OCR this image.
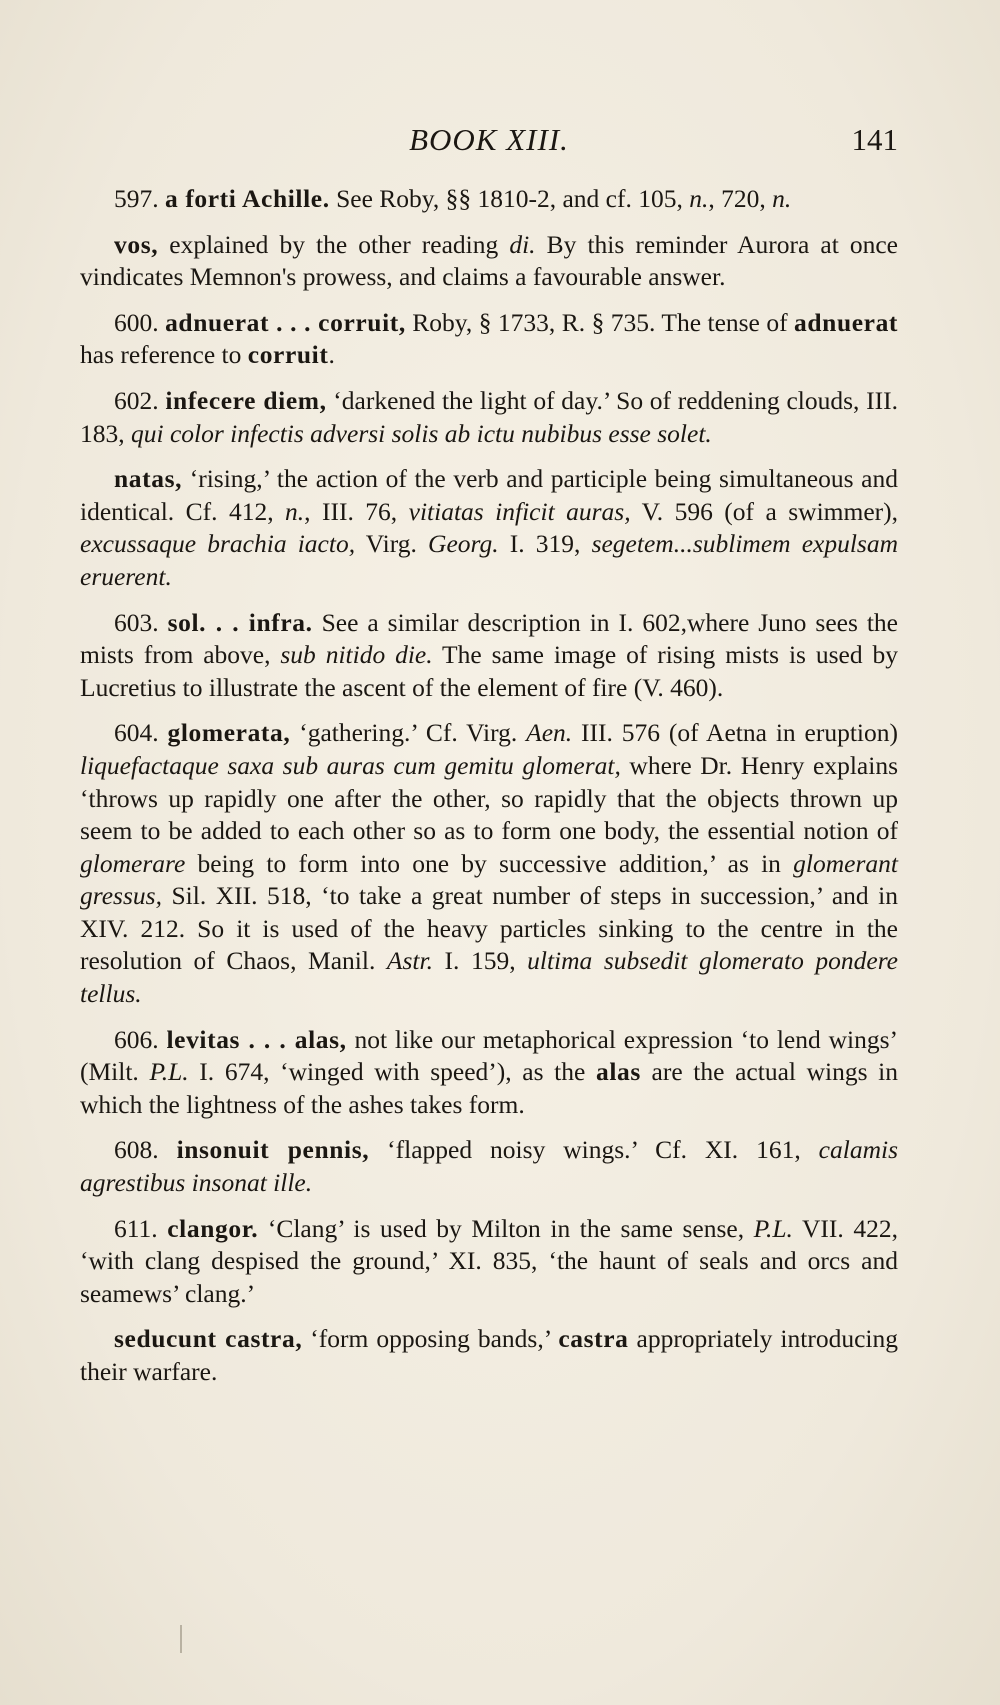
BOOK XIII.	141

597. a forti Achille. See Roby, §§ 1810-2, and cf. 105, n., 720, n.

vos, explained by the other reading di. By this reminder Aurora at once vindicates Memnon's prowess, and claims a favourable answer.

600. adnuerat . . . corruit, Roby, § 1733, R. § 735. The tense of adnuerat has reference to corruit.

602. infecere diem, ‘darkened the light of day.’ So of reddening clouds, III. 183, qui color infectis adversi solis ab ictu nubibus esse solet.

natas, ‘rising,’ the action of the verb and participle being simultaneous and identical. Cf. 412, n., III. 76, vitiatas inficit auras, V. 596 (of a swimmer), excussaque brachia iacto, Virg. Georg. I. 319, segetem...sublimem expulsam eruerent.

603. sol. . . infra. See a similar description in I. 602,where Juno sees the mists from above, sub nitido die. The same image of rising mists is used by Lucretius to illustrate the ascent of the element of fire (V. 460).

604. glomerata, ‘gathering.’ Cf. Virg. Aen. III. 576 (of Aetna in eruption) liquefactaque saxa sub auras cum gemitu glomerat, where Dr. Henry explains ‘throws up rapidly one after the other, so rapidly that the objects thrown up seem to be added to each other so as to form one body, the essential notion of glomerare being to form into one by successive addition,’ as in glomerant gressus, Sil. XII. 518, ‘to take a great number of steps in succession,’ and in XIV. 212. So it is used of the heavy particles sinking to the centre in the resolution of Chaos, Manil. Astr. I. 159, ultima subsedit glomerato pondere tellus.

606. levitas . . . alas, not like our metaphorical expression ‘to lend wings’ (Milt. P.L. I. 674, ‘winged with speed’), as the alas are the actual wings in which the lightness of the ashes takes form.

608. insonuit pennis, ‘flapped noisy wings.’ Cf. XI. 161, calamis agrestibus insonat ille.

611. clangor. ‘Clang’ is used by Milton in the same sense, P.L. VII. 422, ‘with clang despised the ground,’ XI. 835, ‘the haunt of seals and orcs and seamews’ clang.’

seducunt castra, ‘form opposing bands,’ castra appropriately introducing their warfare.
